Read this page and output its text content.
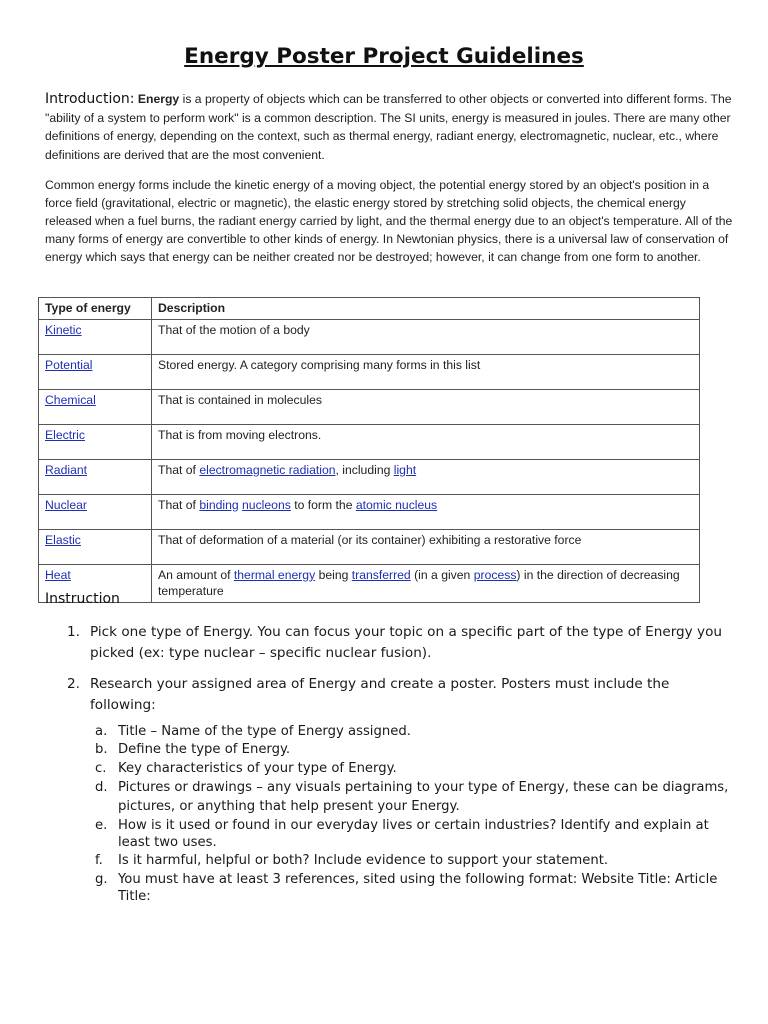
Energy Poster Project Guidelines
Introduction: Energy is a property of objects which can be transferred to other objects or converted into different forms. The "ability of a system to perform work" is a common description. The SI units, energy is measured in joules. There are many other definitions of energy, depending on the context, such as thermal energy, radiant energy, electromagnetic, nuclear, etc., where definitions are derived that are the most convenient.
Common energy forms include the kinetic energy of a moving object, the potential energy stored by an object's position in a force field (gravitational, electric or magnetic), the elastic energy stored by stretching solid objects, the chemical energy released when a fuel burns, the radiant energy carried by light, and the thermal energy due to an object's temperature. All of the many forms of energy are convertible to other kinds of energy. In Newtonian physics, there is a universal law of conservation of energy which says that energy can be neither created nor be destroyed; however, it can change from one form to another.
Type of energy	Description
Kinetic	That of the motion of a body
Potential	Stored energy. A category comprising many forms in this list
Chemical	That is contained in molecules
Electric	That is from moving electrons.
Radiant	That of electromagnetic radiation, including light
Nuclear	That of binding nucleons to form the atomic nucleus
Elastic	That of deformation of a material (or its container) exhibiting a restorative force
Heat	An amount of thermal energy being transferred (in a given process) in the direction of decreasing temperature
Instruction
1. Pick one type of Energy. You can focus your topic on a specific part of the type of Energy you picked (ex: type nuclear – specific nuclear fusion).
2. Research your assigned area of Energy and create a poster. Posters must include the following:
a. Title – Name of the type of Energy assigned.
b. Define the type of Energy.
c. Key characteristics of your type of Energy.
d. Pictures or drawings – any visuals pertaining to your type of Energy, these can be diagrams, pictures, or anything that help present your Energy.
e. How is it used or found in our everyday lives or certain industries? Identify and explain at least two uses.
f. Is it harmful, helpful or both? Include evidence to support your statement.
g. You must have at least 3 references, sited using the following format: Website Title: Article Title:
